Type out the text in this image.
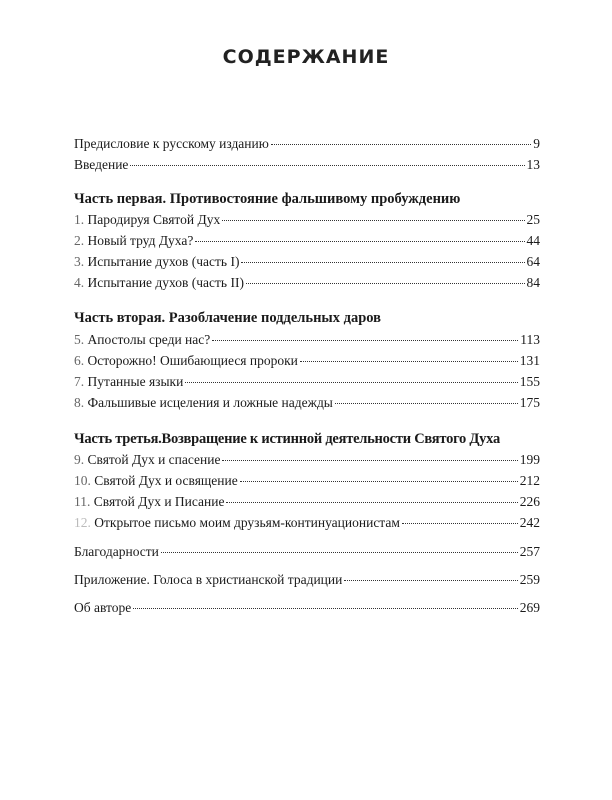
СОДЕРЖАНИЕ
Предисловие к русскому изданию	9
Введение	13
Часть первая. Противостояние фальшивому пробуждению
1. Пародируя Святой Дух	25
2. Новый труд Духа?	44
3. Испытание духов (часть I)	64
4. Испытание духов (часть II)	84
Часть вторая. Разоблачение поддельных даров
5. Апостолы среди нас?	113
6. Осторожно! Ошибающиеся пророки	131
7. Путанные языки	155
8. Фальшивые исцеления и ложные надежды	175
Часть третья.Возвращение к истинной деятельности Святого Духа
9. Святой Дух и спасение	199
10. Святой Дух и освящение	212
11. Святой Дух и Писание	226
12. Открытое письмо моим друзьям-континуационистам	242
Благодарности	257
Приложение. Голоса в христианской традиции	259
Об авторе	269
